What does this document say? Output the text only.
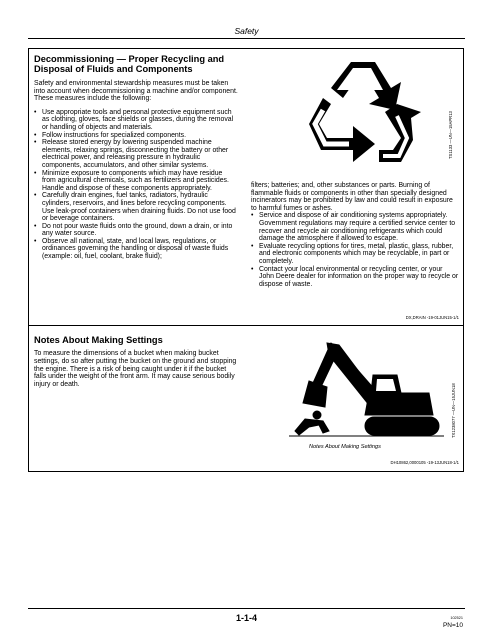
Safety
Decommissioning — Proper Recycling and
Disposal of Fluids and Components

Safety and environmental stewardship measures must be taken into account when decommissioning a machine and/or component. These measures include the following:

• Use appropriate tools and personal protective equipment such as clothing, gloves, face shields or glasses, during the removal or handling of objects and materials.
• Follow instructions for specialized components.
• Release stored energy by lowering suspended machine elements, relaxing springs, disconnecting the battery or other electrical power, and releasing pressure in hydraulic components, accumulators, and other similar systems.
• Minimize exposure to components which may have residue from agricultural chemicals, such as fertilizers and pesticides. Handle and dispose of these components appropriately.
• Carefully drain engines, fuel tanks, radiators, hydraulic cylinders, reservoirs, and lines before recycling components. Use leak-proof containers when draining fluids. Do not use food or beverage containers.
• Do not pour waste fluids onto the ground, down a drain, or into any water source.
• Observe all national, state, and local laws, regulations, or ordinances governing the handling or disposal of waste fluids (example: oil, fuel, coolant, brake fluid);
TS1133 —UN—15APR13
filters; batteries; and, other substances or parts. Burning of flammable fluids or components in other than specially designed incinerators may be prohibited by law and could result in exposure to harmful fumes or ashes.
• Service and dispose of air conditioning systems appropriately. Government regulations may require a certified service center to recover and recycle air conditioning refrigerants which could damage the atmosphere if allowed to escape.
• Evaluate recycling options for tires, metal, plastic, glass, rubber, and electronic components which may be recyclable, in part or completely.
• Contact your local environmental or recycling center, or your John Deere dealer for information on the proper way to recycle or dispose of waste.
DX,DRAIN -19-01JUN15-1/1
Notes About Making Settings
To measure the dimensions of a bucket when making bucket settings, do so after putting the bucket on the ground and stopping the engine. There is a risk of being caught under it if the bucket falls under the weight of the front arm. It may cause serious bodily injury or death.	TX1238077 —UN—15JUN18
Notes About Making Settings
DH10862,0000105 -19-13JUN18-1/1
1-1-4	102521
PN=10
